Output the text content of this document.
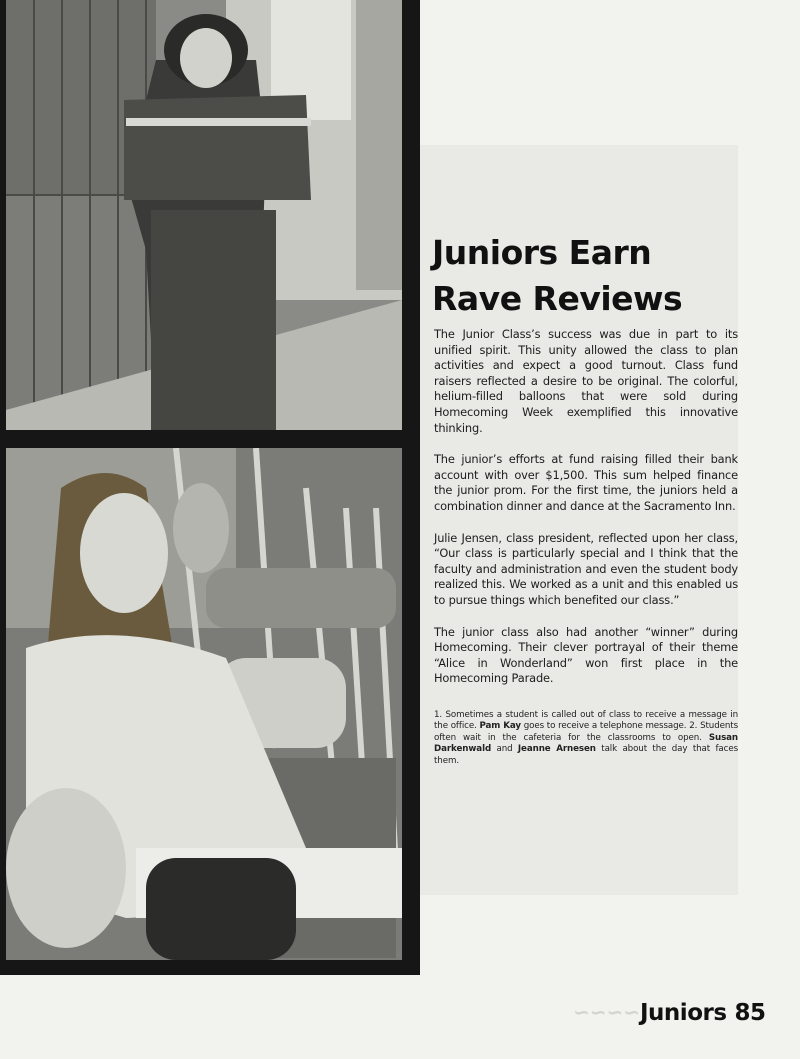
∼∼∼∼
Juniors Earn
Rave Reviews

The Junior Class’s success was due in part to its unified spirit. This unity allowed the class to plan activities and expect a good turnout. Class fund raisers reflected a desire to be original. The colorful, helium-filled balloons that were sold during Homecoming Week exemplified this innovative thinking.

The junior’s efforts at fund raising filled their bank account with over $1,500. This sum helped finance the junior prom. For the first time, the juniors held a combination dinner and dance at the Sacramento Inn.

Julie Jensen, class president, reflected upon her class, “Our class is particularly special and I think that the faculty and administration and even the student body realized this. We worked as a unit and this enabled us to pursue things which benefited our class.”

The junior class also had another “winner” during Homecoming. Their clever portrayal of their theme “Alice in Wonderland” won first place in the Homecoming Parade.

1. Sometimes a student is called out of class to receive a message in the office. Pam Kay goes to receive a telephone message. 2. Students often wait in the cafeteria for the classrooms to open. Susan Darkenwald and Jeanne Arnesen talk about the day that faces them.

Juniors 85
